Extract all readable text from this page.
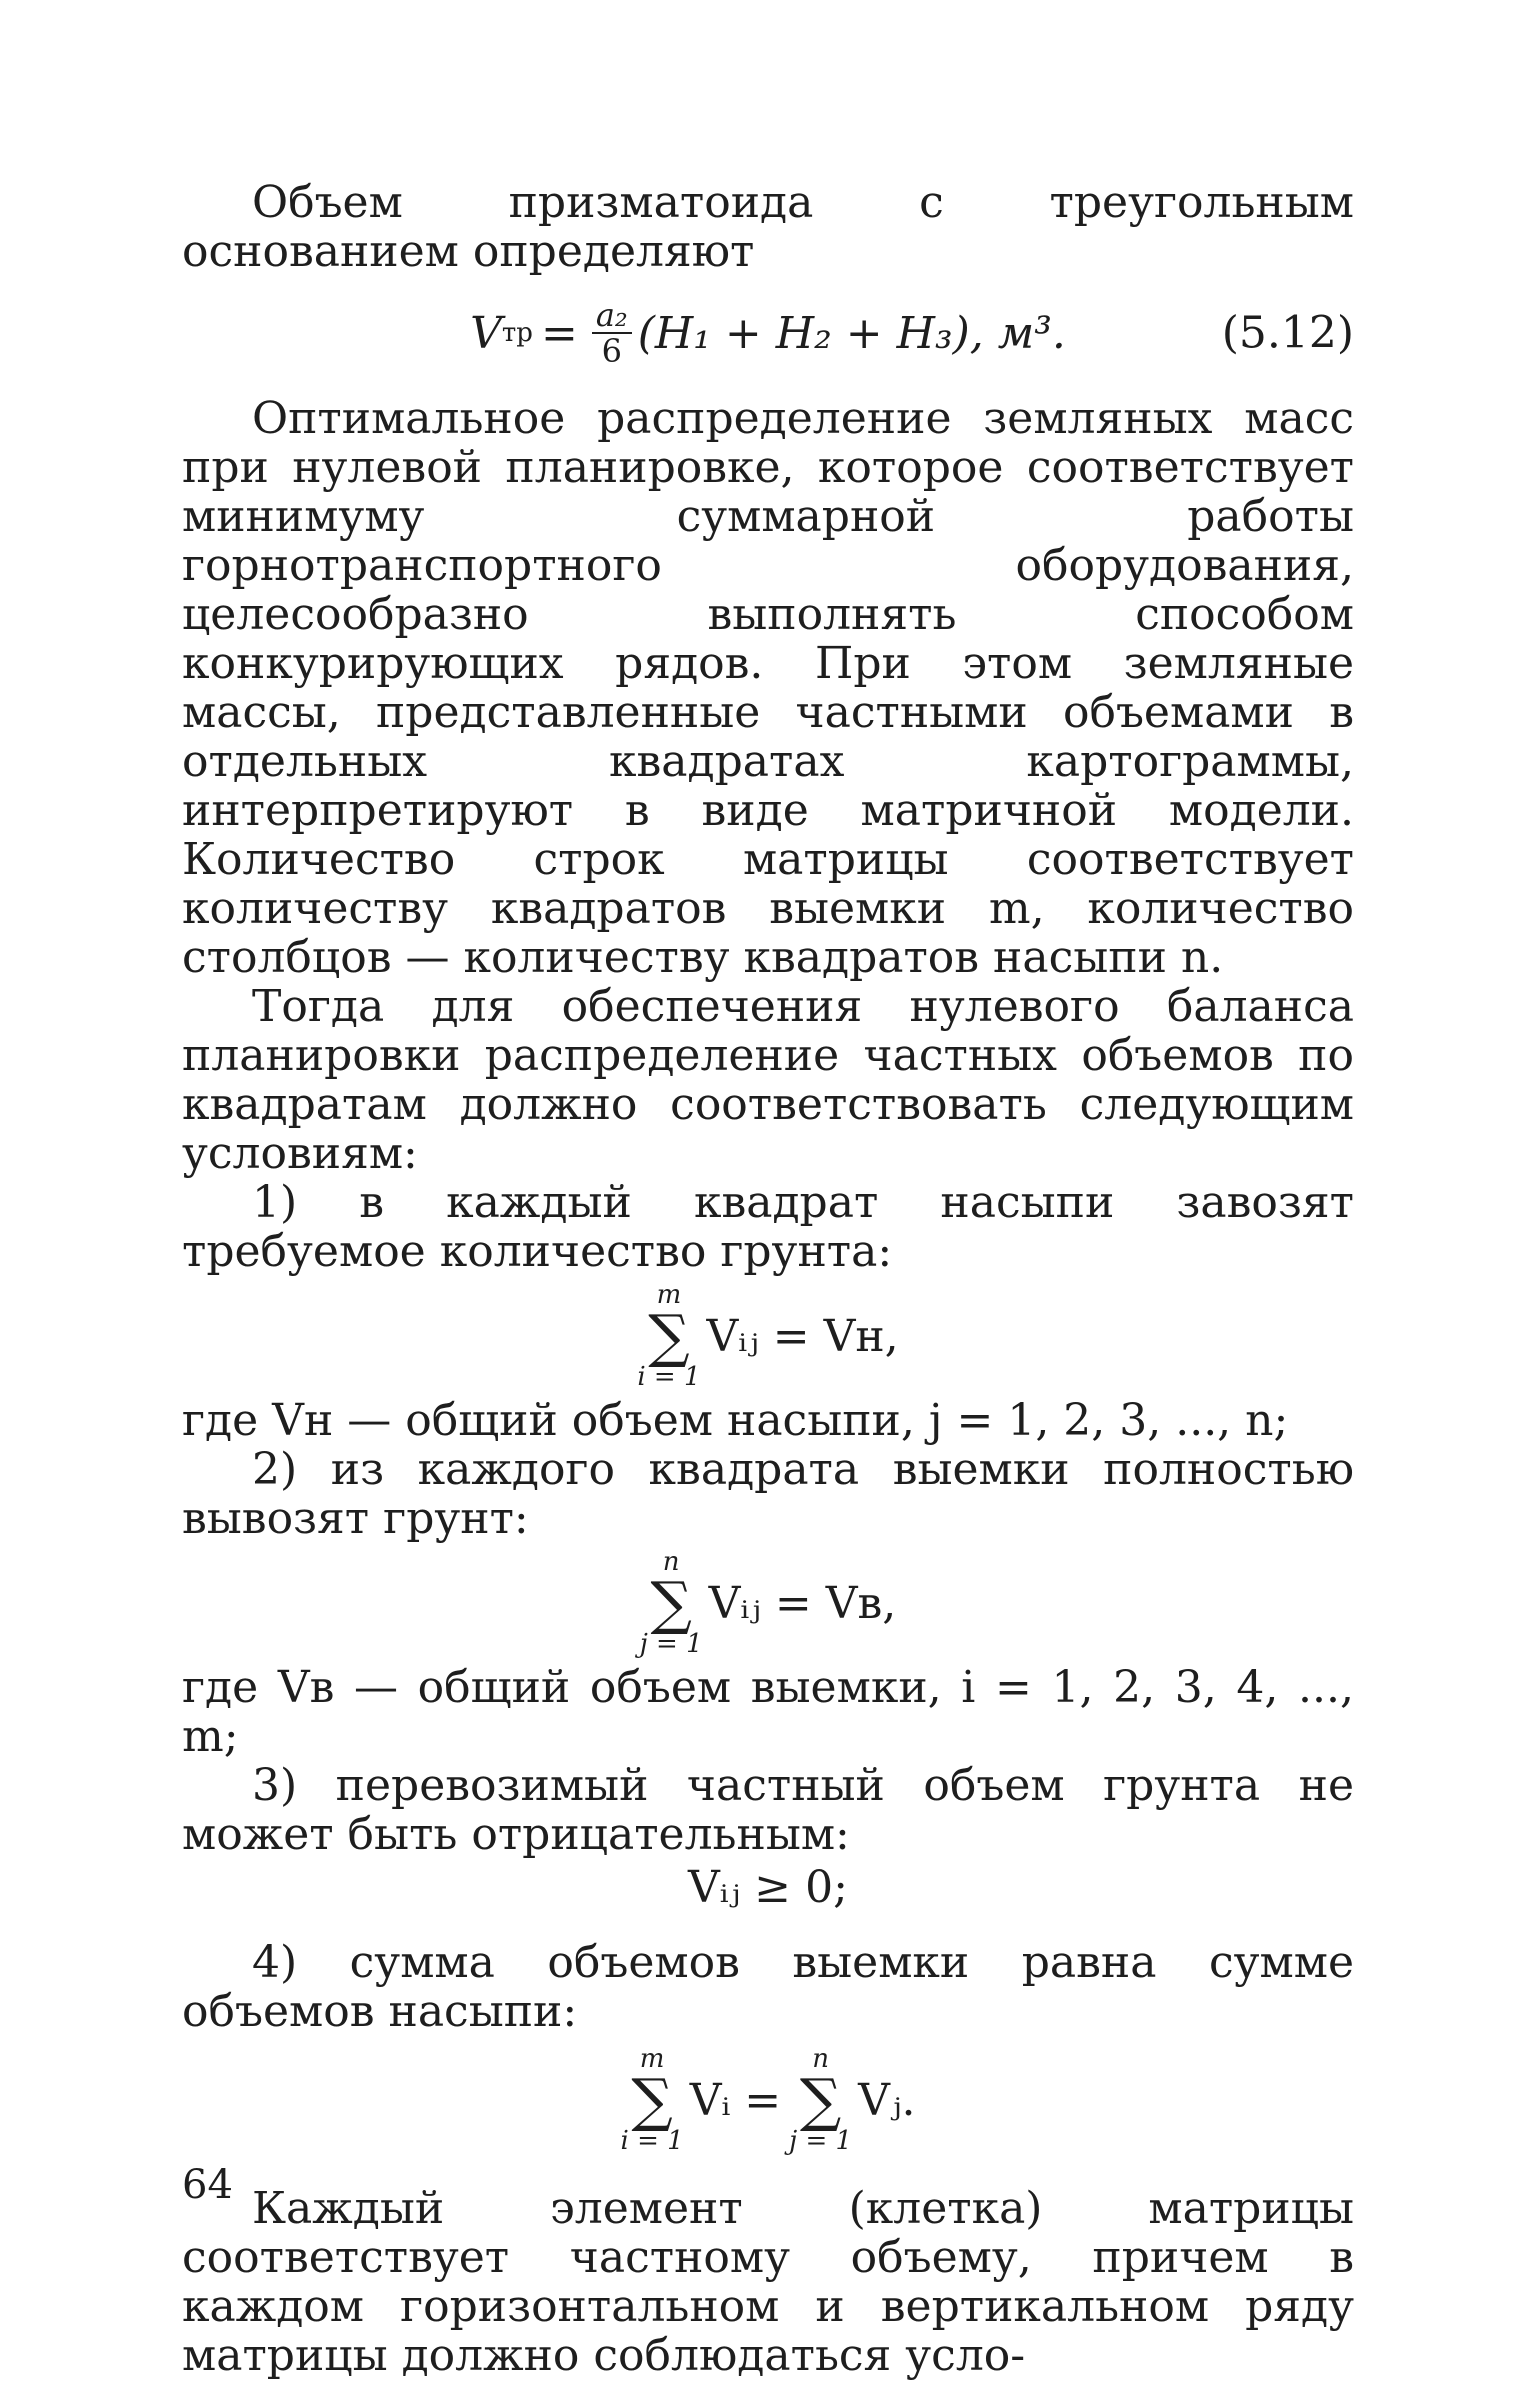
Объем призматоида с треугольным основанием определяют

V тр = $\frac{\text{a₂}}{6} (H_1 + H_2 + H_3)$, м³.	(5.12)

Оптимальное распределение земляных масс при нулевой планировке, которое соответствует минимуму суммарной работы горнотранспортного оборудования, целесообразно выполнять способом конкурирующих рядов. При этом земляные массы, представленные частными объемами в отдельных квадратах картограммы, интерпретируют в виде матричной модели. Количество строк матрицы соответствует количеству квадратов выемки m, количество столбцов — количеству квадратов насыпи n.

Тогда для обеспечения нулевого баланса планировки распределение частных объемов по квадратам должно соответствовать следующим условиям:

1) в каждый квадрат насыпи завозят требуемое количество грунта:

m
∑
i = 1
Vᵢⱼ = Vн,

где Vн — общий объем насыпи, j = 1, 2, 3, ..., n;

2) из каждого квадрата выемки полностью вывозят грунт:

n
∑
j = 1
Vᵢⱼ = Vв,

где Vв — общий объем выемки, i = 1, 2, 3, 4, ..., m;

3) перевозимый частный объем грунта не может быть отрицательным:

Vᵢⱼ ≥ 0;

4) сумма объемов выемки равна сумме объемов насыпи:

m
∑
i = 1
Vᵢ =
n
∑
j = 1
Vⱼ.

Каждый элемент (клетка) матрицы соответствует частному объему, причем в каждом горизонтальном и вертикальном ряду матрицы должно соблюдаться усло-

64
